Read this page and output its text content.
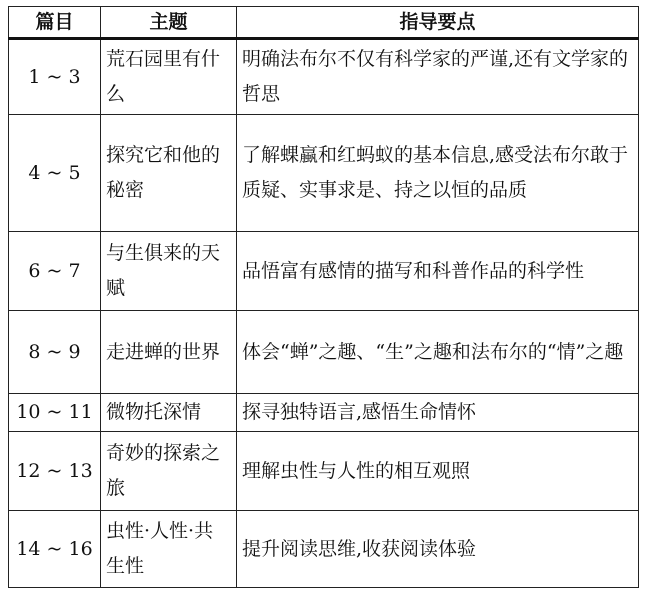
篇目	主题	指导要点
1 ~ 3	荒石园里有什么	明确法布尔不仅有科学家的严谨,还有文学家的哲思
4 ~ 5	探究它和他的秘密	了解蜾蠃和红蚂蚁的基本信息,感受法布尔敢于质疑、实事求是、持之以恒的品质
6 ~ 7	与生俱来的天赋	品悟富有感情的描写和科普作品的科学性
8 ~ 9	走进蝉的世界	体会“蝉”之趣、“生”之趣和法布尔的“情”之趣
10 ~ 11	微物托深情	探寻独特语言,感悟生命情怀
12 ~ 13	奇妙的探索之旅	理解虫性与人性的相互观照
14 ~ 16	虫性·人性·共生性	提升阅读思维,收获阅读体验
